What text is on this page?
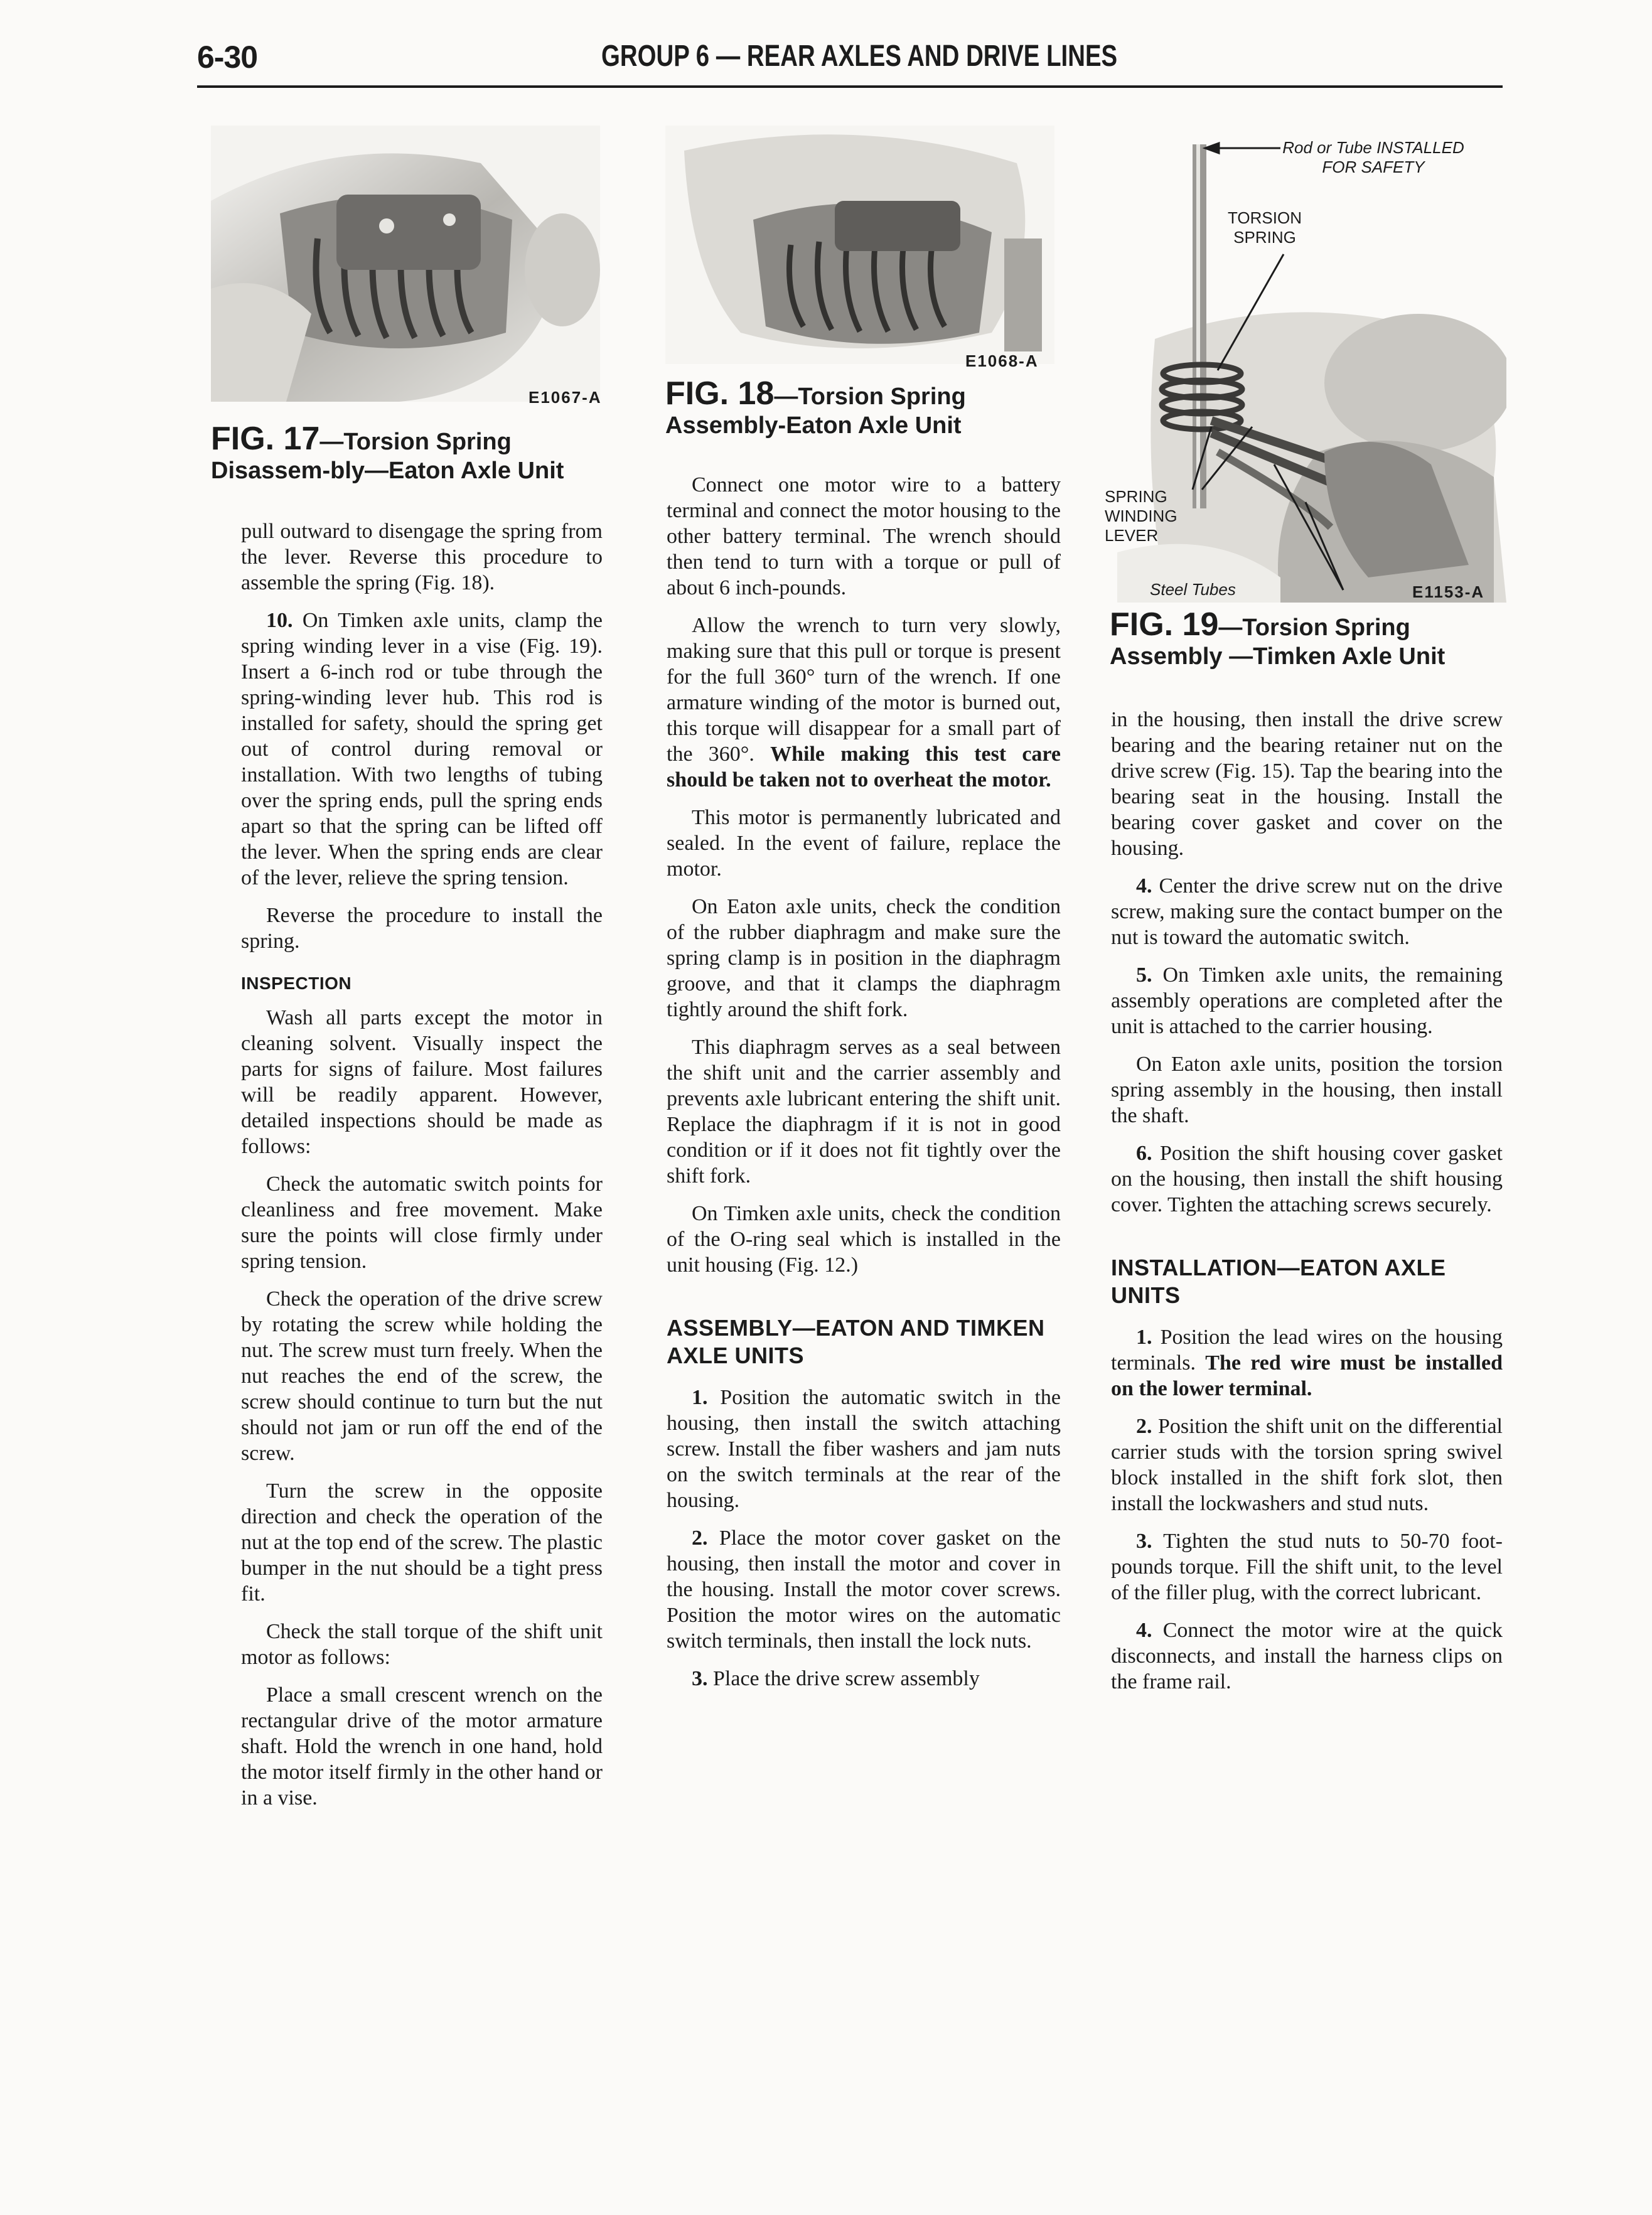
6-30	GROUP 6 — REAR AXLES AND DRIVE LINES
E1067-A
FIG. 17—Torsion Spring Disassem-bly—Eaton Axle Unit
E1068-A
FIG. 18—Torsion Spring Assembly-Eaton Axle Unit
Rod or Tube INSTALLED FOR SAFETY
TORSION SPRING
SPRING WINDING LEVER
Steel Tubes	E1153-A
FIG. 19—Torsion Spring Assembly —Timken Axle Unit

pull outward to disengage the spring from the lever. Reverse this procedure to assemble the spring (Fig. 18).

10. On Timken axle units, clamp the spring winding lever in a vise (Fig. 19). Insert a 6-inch rod or tube through the spring-winding lever hub. This rod is installed for safety, should the spring get out of control during removal or installation. With two lengths of tubing over the spring ends, pull the spring ends apart so that the spring can be lifted off the lever. When the spring ends are clear of the lever, relieve the spring tension.

Reverse the procedure to install the spring.

INSPECTION

Wash all parts except the motor in cleaning solvent. Visually inspect the parts for signs of failure. Most failures will be readily apparent. However, detailed inspections should be made as follows:

Check the automatic switch points for cleanliness and free movement. Make sure the points will close firmly under spring tension.

Check the operation of the drive screw by rotating the screw while holding the nut. The screw must turn freely. When the nut reaches the end of the screw, the screw should continue to turn but the nut should not jam or run off the end of the screw.

Turn the screw in the opposite direction and check the operation of the nut at the top end of the screw. The plastic bumper in the nut should be a tight press fit.

Check the stall torque of the shift unit motor as follows:

Place a small crescent wrench on the rectangular drive of the motor armature shaft. Hold the wrench in one hand, hold the motor itself firmly in the other hand or in a vise.

Connect one motor wire to a battery terminal and connect the motor housing to the other battery terminal. The wrench should then tend to turn with a torque or pull of about 6 inch-pounds.

Allow the wrench to turn very slowly, making sure that this pull or torque is present for the full 360° turn of the wrench. If one armature winding of the motor is burned out, this torque will disappear for a small part of the 360°. While making this test care should be taken not to overheat the motor.

This motor is permanently lubricated and sealed. In the event of failure, replace the motor.

On Eaton axle units, check the condition of the rubber diaphragm and make sure the spring clamp is in position in the diaphragm groove, and that it clamps the diaphragm tightly around the shift fork.

This diaphragm serves as a seal between the shift unit and the carrier assembly and prevents axle lubricant entering the shift unit. Replace the diaphragm if it is not in good condition or if it does not fit tightly over the shift fork.

On Timken axle units, check the condition of the O-ring seal which is installed in the unit housing (Fig. 12.)

ASSEMBLY—EATON AND TIMKEN AXLE UNITS

1. Position the automatic switch in the housing, then install the switch attaching screw. Install the fiber washers and jam nuts on the switch terminals at the rear of the housing.

2. Place the motor cover gasket on the housing, then install the motor and cover in the housing. Install the motor cover screws. Position the motor wires on the automatic switch terminals, then install the lock nuts.

3. Place the drive screw assembly

in the housing, then install the drive screw bearing and the bearing retainer nut on the drive screw (Fig. 15). Tap the bearing into the bearing seat in the housing. Install the bearing cover gasket and cover on the housing.

4. Center the drive screw nut on the drive screw, making sure the contact bumper on the nut is toward the automatic switch.

5. On Timken axle units, the remaining assembly operations are completed after the unit is attached to the carrier housing.

On Eaton axle units, position the torsion spring assembly in the housing, then install the shaft.

6. Position the shift housing cover gasket on the housing, then install the shift housing cover. Tighten the attaching screws securely.

INSTALLATION—EATON AXLE UNITS

1. Position the lead wires on the housing terminals. The red wire must be installed on the lower terminal.

2. Position the shift unit on the differential carrier studs with the torsion spring swivel block installed in the shift fork slot, then install the lockwashers and stud nuts.

3. Tighten the stud nuts to 50-70 foot-pounds torque. Fill the shift unit, to the level of the filler plug, with the correct lubricant.

4. Connect the motor wire at the quick disconnects, and install the harness clips on the frame rail.
